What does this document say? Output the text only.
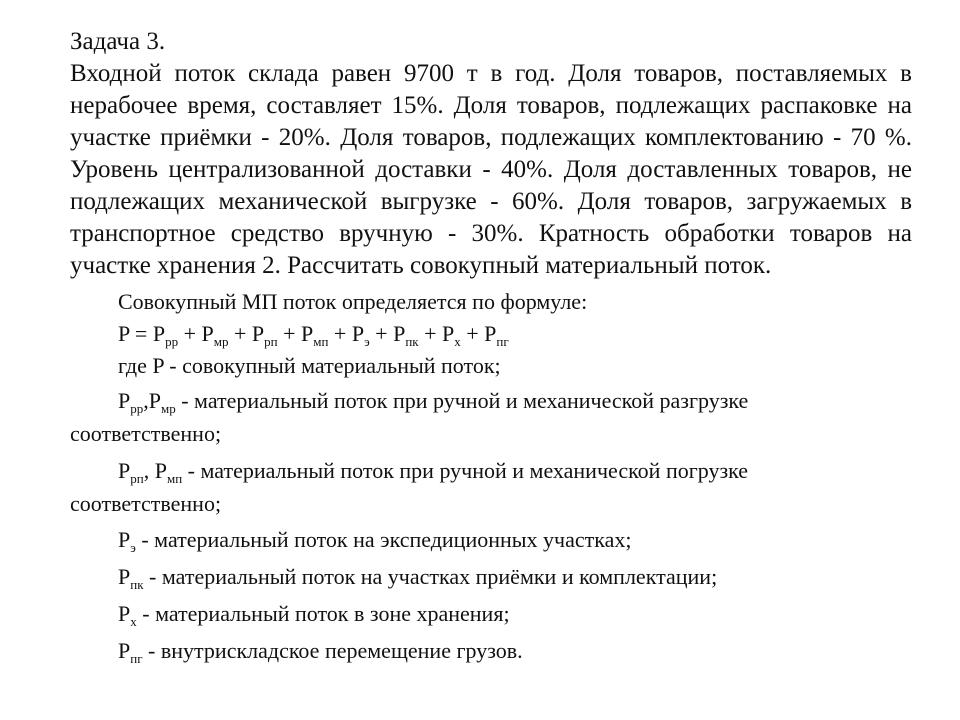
Задача 3.

Входной поток склада равен 9700 т в год. Доля товаров, поставляемых в нерабочее время, составляет 15%. Доля товаров, подлежащих распаковке на участке приёмки - 20%. Доля товаров, подлежащих комплектованию - 70 %. Уровень централизованной доставки - 40%. Доля доставленных товаров, не подлежащих механической выгрузке - 60%. Доля товаров, загружаемых в транспортное средство вручную - 30%. Кратность обработки товаров на участке хранения 2. Рассчитать совокупный материальный поток.

Совокупный МП поток определяется по формуле:

$P = P_{рр} + P_{мр} + P_{рп} + P_{мп} + P_э + P_{пк} + P_х + P_{пг}$

где P - совокупный материальный поток;

$P_{рр},P_{мр}$ - материальный поток при ручной и механической разгрузке
соответственно;

$P_{рп}$, $P_{мп}$ - материальный поток при ручной и механической погрузке
соответственно;

$P_э$ - материальный поток на экспедиционных участках;

$P_{пк}$ - материальный поток на участках приёмки и комплектации;

$P_х$ - материальный поток в зоне хранения;

$P_{пг}$ - внутрискладское перемещение грузов.
